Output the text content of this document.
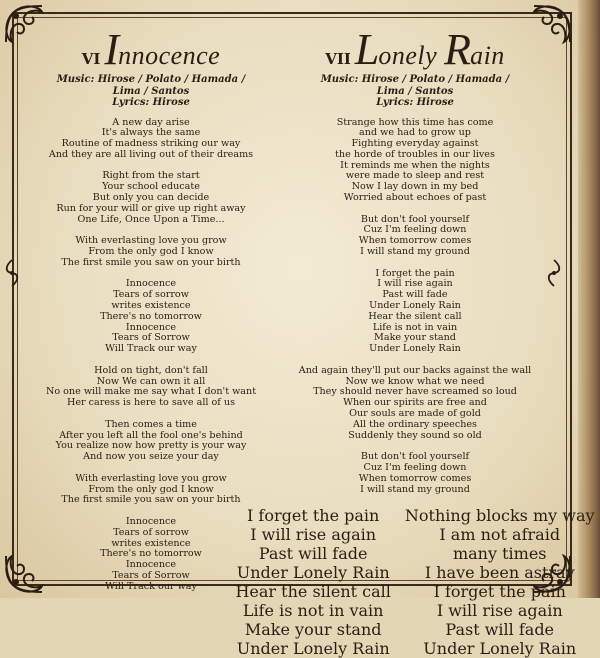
VI I nnocence
Music: Hirose / Polato / Hamada /
Lima / Santos
Lyrics: Hirose
A new day arise
It's always the same
Routine of madness striking our way
And they are all living out of their dreams
Right from the start
Your school educate
But only you can decide
Run for your will or give up right away
One Life, Once Upon a Time...
With everlasting love you grow
From the only god I know
The first smile you saw on your birth
Innocence
Tears of sorrow
writes existence
There's no tomorrow
Innocence
Tears of Sorrow
Will Track our way
Hold on tight, don't fall
Now We can own it all
No one will make me say what I don't want
Her caress is here to save all of us
Then comes a time
After you left all the fool one's behind
You realize now how pretty is your way
And now you seize your day
With everlasting love you grow
From the only god I know
The first smile you saw on your birth
Innocence
Tears of sorrow
writes existence
There's no tomorrow
Innocence
Tears of Sorrow
Will Track our way
VII L onely R ain
Music: Hirose / Polato / Hamada /
Lima / Santos
Lyrics: Hirose
Strange how this time has come
and we had to grow up
Fighting everyday against
the horde of troubles in our lives
It reminds me when the nights
were made to sleep and rest
Now I lay down in my bed
Worried about echoes of past
But don't fool yourself
Cuz I'm feeling down
When tomorrow comes
I will stand my ground
I forget the pain
I will rise again
Past will fade
Under Lonely Rain
Hear the silent call
Life is not in vain
Make your stand
Under Lonely Rain
And again they'll put our backs against the wall
Now we know what we need
They should never have screamed so loud
When our spirits are free and
Our souls are made of gold
All the ordinary speeches
Suddenly they sound so old
But don't fool yourself
Cuz I'm feeling down
When tomorrow comes
I will stand my ground
I forget the pain
I will rise again
Past will fade
Under Lonely Rain
Hear the silent call
Life is not in vain
Make your stand
Under Lonely Rain
Nothing blocks my way
I am not afraid
many times
I have been astray
I forget the pain
I will rise again
Past will fade
Under Lonely Rain
